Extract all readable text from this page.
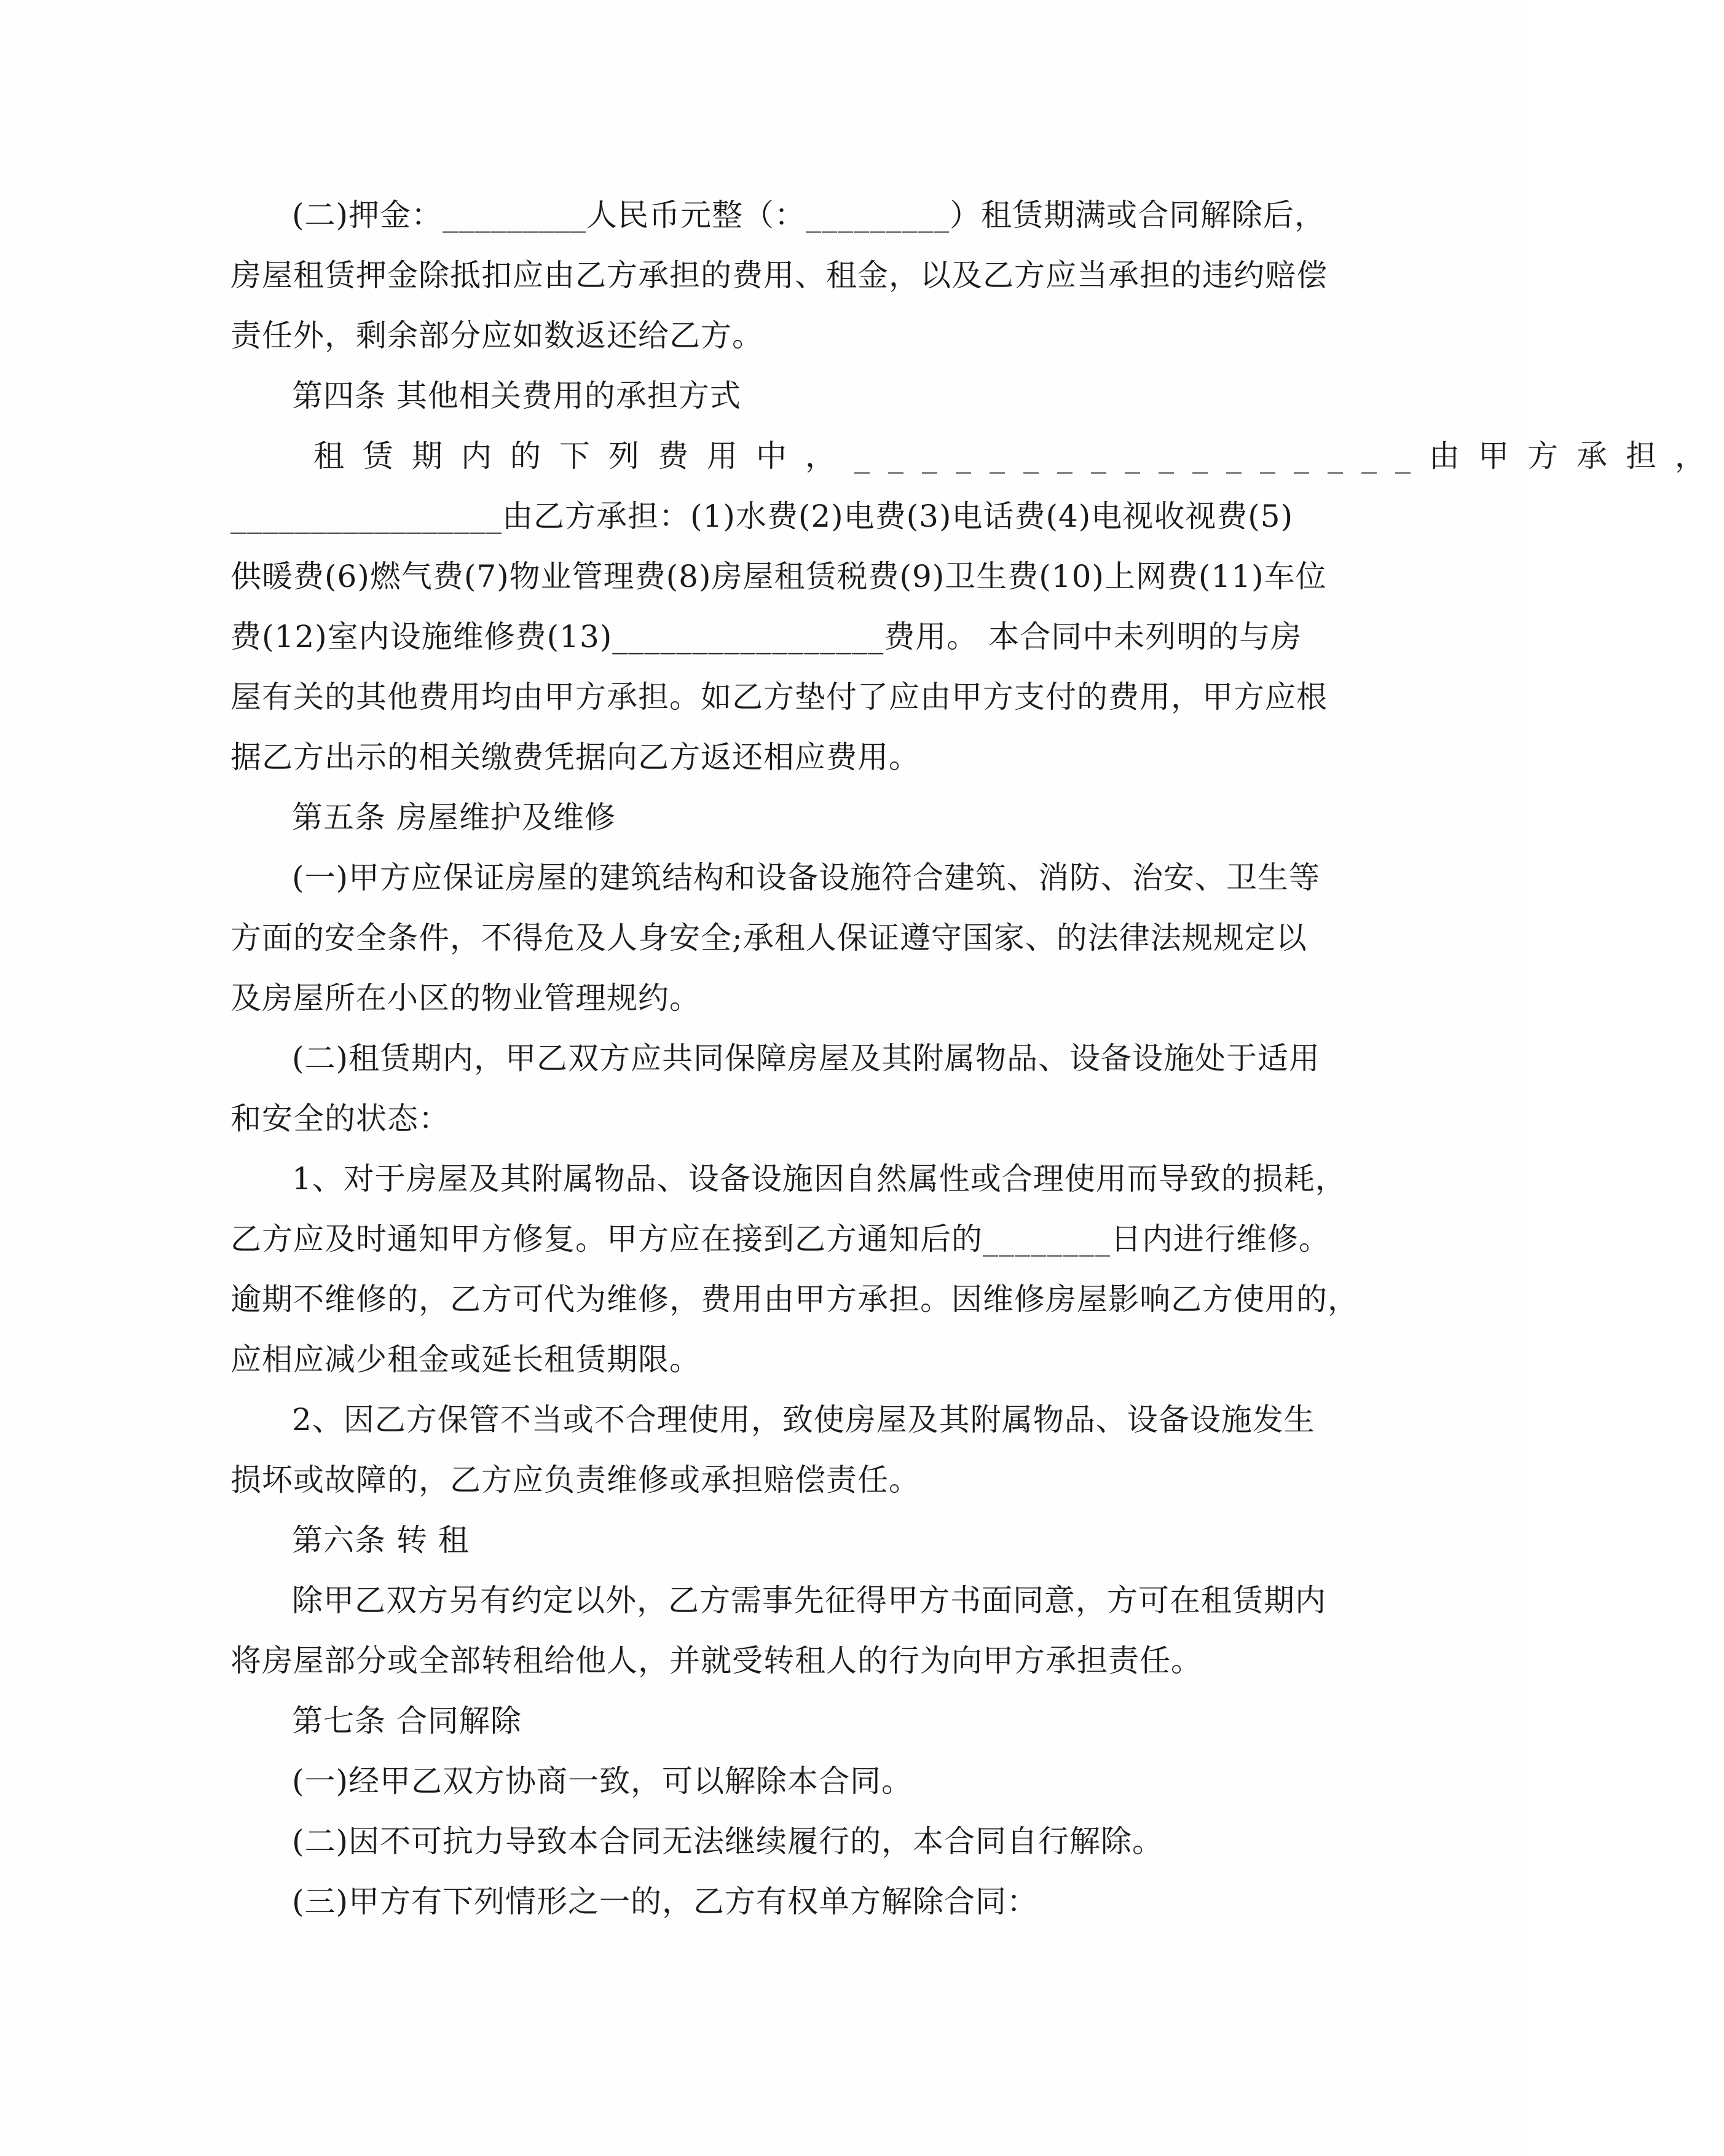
(二)押金：_________人民币元整（：_________）租赁期满或合同解除后，
房屋租赁押金除抵扣应由乙方承担的费用、租金，以及乙方应当承担的违约赔偿
责任外，剩余部分应如数返还给乙方。
第四条 其他相关费用的承担方式
租赁期内的下列费用中，_________________由甲方承担，
_________________由乙方承担：(1)水费(2)电费(3)电话费(4)电视收视费(5)
供暖费(6)燃气费(7)物业管理费(8)房屋租赁税费(9)卫生费(10)上网费(11)车位
费(12)室内设施维修费(13)_________________费用。 本合同中未列明的与房
屋有关的其他费用均由甲方承担。如乙方垫付了应由甲方支付的费用，甲方应根
据乙方出示的相关缴费凭据向乙方返还相应费用。
第五条 房屋维护及维修
(一)甲方应保证房屋的建筑结构和设备设施符合建筑、消防、治安、卫生等
方面的安全条件，不得危及人身安全;承租人保证遵守国家、的法律法规规定以
及房屋所在小区的物业管理规约。
(二)租赁期内，甲乙双方应共同保障房屋及其附属物品、设备设施处于适用
和安全的状态：
1、对于房屋及其附属物品、设备设施因自然属性或合理使用而导致的损耗，
乙方应及时通知甲方修复。甲方应在接到乙方通知后的________日内进行维修。
逾期不维修的，乙方可代为维修，费用由甲方承担。因维修房屋影响乙方使用的，
应相应减少租金或延长租赁期限。
2、因乙方保管不当或不合理使用，致使房屋及其附属物品、设备设施发生
损坏或故障的，乙方应负责维修或承担赔偿责任。
第六条 转 租
除甲乙双方另有约定以外，乙方需事先征得甲方书面同意，方可在租赁期内
将房屋部分或全部转租给他人，并就受转租人的行为向甲方承担责任。
第七条 合同解除
(一)经甲乙双方协商一致，可以解除本合同。
(二)因不可抗力导致本合同无法继续履行的，本合同自行解除。
(三)甲方有下列情形之一的，乙方有权单方解除合同：
